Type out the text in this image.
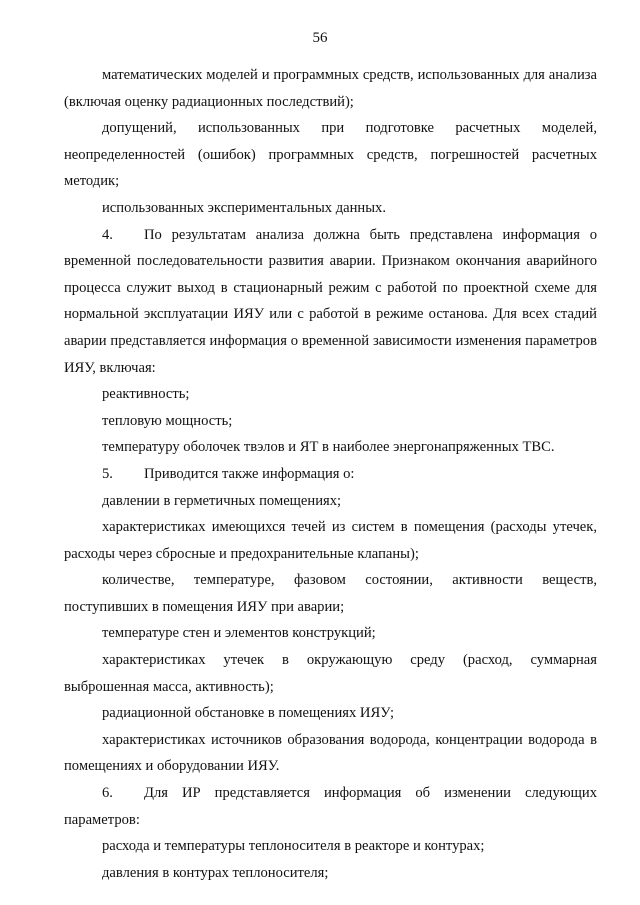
56

математических моделей и программных средств, использованных для анализа (включая оценку радиационных последствий);

допущений, использованных при подготовке расчетных моделей, неопределенностей (ошибок) программных средств, погрешностей расчетных методик;

использованных экспериментальных данных.

4. По результатам анализа должна быть представлена информация о временной последовательности развития аварии. Признаком окончания аварийного процесса служит выход в стационарный режим с работой по проектной схеме для нормальной эксплуатации ИЯУ или с работой в режиме останова. Для всех стадий аварии представляется информация о временной зависимости изменения параметров ИЯУ, включая:

реактивность;

тепловую мощность;

температуру оболочек твэлов и ЯТ в наиболее энергонапряженных ТВС.

5. Приводится также информация о:

давлении в герметичных помещениях;

характеристиках имеющихся течей из систем в помещения (расходы утечек, расходы через сбросные и предохранительные клапаны);

количестве, температуре, фазовом состоянии, активности веществ, поступивших в помещения ИЯУ при аварии;

температуре стен и элементов конструкций;

характеристиках утечек в окружающую среду (расход, суммарная выброшенная масса, активность);

радиационной обстановке в помещениях ИЯУ;

характеристиках источников образования водорода, концентрации водорода в помещениях и оборудовании ИЯУ.

6. Для ИР представляется информация об изменении следующих параметров:

расхода и температуры теплоносителя в реакторе и контурах;

давления в контурах теплоносителя;
